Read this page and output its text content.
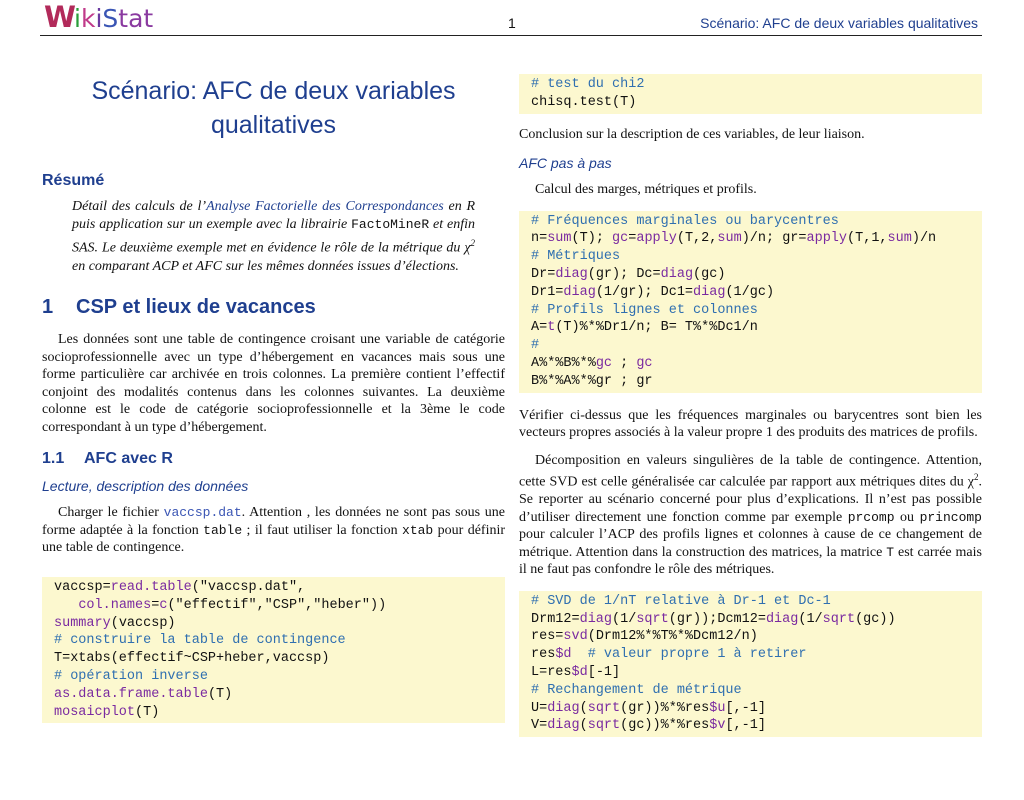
WikiStat	1	Scénario: AFC de deux variables qualitatives
Scénario: AFC de deux variables
qualitatives
Résumé
Détail des calculs de l’Analyse Factorielle des Correspondances en R puis application sur un exemple avec la librairie FactoMineR et enfin SAS. Le deuxième exemple met en évidence le rôle de la métrique du $\chi^2$ en comparant ACP et AFC sur les mêmes données issues d’élections.
1 CSP et lieux de vacances

Les données sont une table de contingence croisant une variable de catégorie socioprofessionnelle avec un type d’hébergement en vacances mais sous une forme particulière car archivée en trois colonnes. La première contient l’effectif conjoint des modalités contenus dans les colonnes suivantes. La deuxième colonne est le code de catégorie socioprofessionnelle et la 3ème le code correspondant à un type d’hébergement.

1.1 AFC avec R
Lecture, description des données

Charger le fichier vaccsp.dat. Attention , les données ne sont pas sous une forme adaptée à la fonction table ; il faut utiliser la fonction xtab pour définir une table de contingence.

vaccsp=read.table("vaccsp.dat",
col.names=c("effectif","CSP","heber"))
summary(vaccsp)
# construire la table de contingence
T=xtabs(effectif~CSP+heber,vaccsp)
# opération inverse
as.data.frame.table(T)
mosaicplot(T)
# test du chi2
chisq.test(T)
Conclusion sur la description de ces variables, de leur liaison.
AFC pas à pas

Calcul des marges, métriques et profils.

# Fréquences marginales ou barycentres
n=sum(T); gc=apply(T,2,sum)/n; gr=apply(T,1,sum)/n
# Métriques
Dr=diag(gr); Dc=diag(gc)
Dr1=diag(1/gr); Dc1=diag(1/gc)
# Profils lignes et colonnes
A=t(T)%*%Dr1/n; B= T%*%Dc1/n
#
A%*%B%*%gc ; gc
B%*%A%*%gr ; gr

Vérifier ci-dessus que les fréquences marginales ou barycentres sont bien les vecteurs propres associés à la valeur propre 1 des produits des matrices de profils.

Décomposition en valeurs singulières de la table de contingence. Attention, cette SVD est celle généralisée car calculée par rapport aux métriques dites du $\chi^2$. Se reporter au scénario concerné pour plus d’explications. Il n’est pas possible d’utiliser directement une fonction comme par exemple prcomp ou princomp pour calculer l’ACP des profils lignes et colonnes à cause de ce changement de métrique. Attention dans la construction des matrices, la matrice T est carrée mais il ne faut pas confondre le rôle des métriques.

# SVD de 1/nT relative à Dr-1 et Dc-1
Drm12=diag(1/sqrt(gr));Dcm12=diag(1/sqrt(gc))
res=svd(Drm12%*%T%*%Dcm12/n)
res$d  # valeur propre 1 à retirer
L=res$d[-1]
# Rechangement de métrique
U=diag(sqrt(gr))%*%res$u[,-1]
V=diag(sqrt(gc))%*%res$v[,-1]
